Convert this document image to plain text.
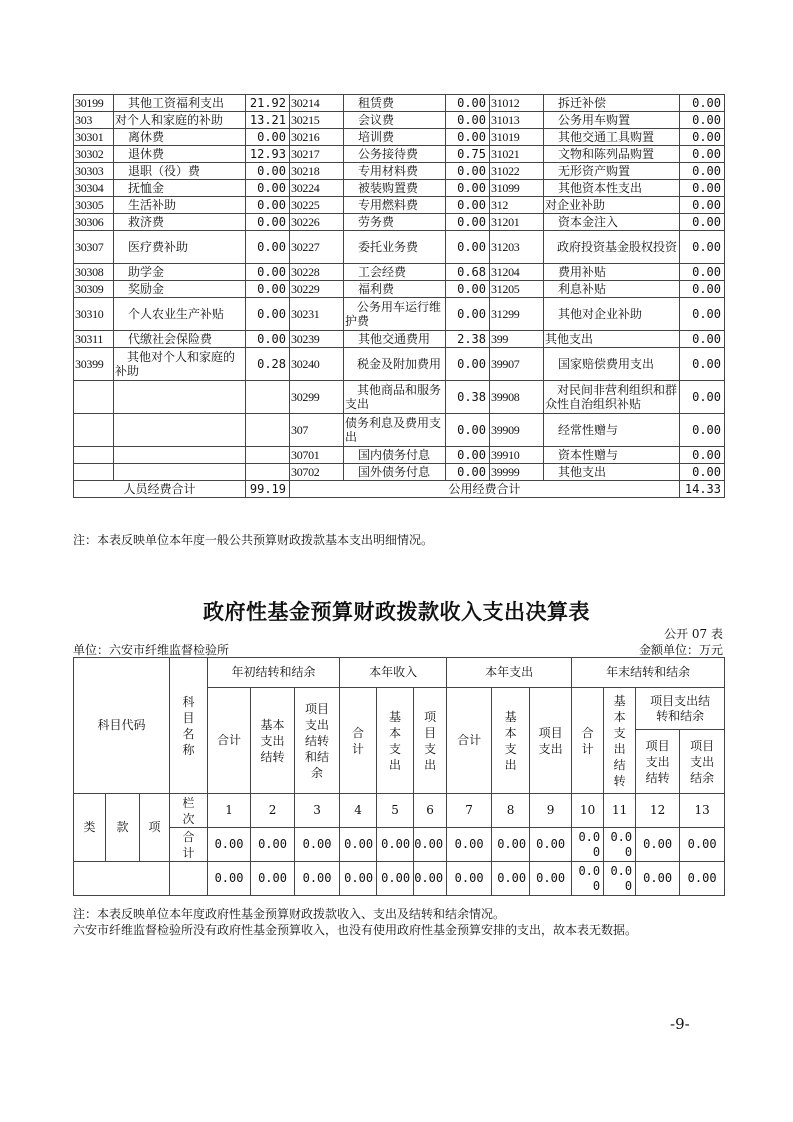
30199	其他工资福利支出	21.92	30214	租赁费	0.00	31012	拆迁补偿	0.00
303	对个人和家庭的补助	13.21	30215	会议费	0.00	31013	公务用车购置	0.00
30301	离休费	0.00	30216	培训费	0.00	31019	其他交通工具购置	0.00
30302	退休费	12.93	30217	公务接待费	0.75	31021	文物和陈列品购置	0.00
30303	退职（役）费	0.00	30218	专用材料费	0.00	31022	无形资产购置	0.00
30304	抚恤金	0.00	30224	被装购置费	0.00	31099	其他资本性支出	0.00
30305	生活补助	0.00	30225	专用燃料费	0.00	312	对企业补助	0.00
30306	救济费	0.00	30226	劳务费	0.00	31201	资本金注入	0.00
30307	医疗费补助	0.00	30227	委托业务费	0.00	31203	政府投资基金股权投资	0.00
30308	助学金	0.00	30228	工会经费	0.68	31204	费用补贴	0.00
30309	奖励金	0.00	30229	福利费	0.00	31205	利息补贴	0.00
30310	个人农业生产补贴	0.00	30231	公务用车运行维护费	0.00	31299	其他对企业补助	0.00
30311	代缴社会保险费	0.00	30239	其他交通费用	2.38	399	其他支出	0.00
30399	其他对个人和家庭的补助	0.28	30240	税金及附加费用	0.00	39907	国家赔偿费用支出	0.00
			30299	其他商品和服务支出	0.38	39908	对民间非营利组织和群众性自治组织补贴	0.00
			307	债务利息及费用支出	0.00	39909	经常性赠与	0.00
			30701	国内债务付息	0.00	39910	资本性赠与	0.00
			30702	国外债务付息	0.00	39999	其他支出	0.00
人员经费合计		99.19	公用经费合计					14.33
注：本表反映单位本年度一般公共预算财政拨款基本支出明细情况。
政府性基金预算财政拨款收入支出决算表
公开 07 表
单位：六安市纤维监督检验所	金额单位：万元
科目代码			科目名称	年初结转和结余			本年收入			本年支出			年末结转和结余			
				合计	基本支出结转	项目支出结转和结余	合计	基本支出	项目支出	合计	基本支出	项目支出	合计	基本支出结转	项目支出结转和结余	
															项目支出结转	项目支出结余
类	款	项	栏次	1	2	3	4	5	6	7	8	9	10	11	12	13
			合计	0.00	0.00	0.00	0.00	0.00	0.00	0.00	0.00	0.00	0.00	0.00	0.00	0.00
				0.00	0.00	0.00	0.00	0.00	0.00	0.00	0.00	0.00	0.00	0.00	0.00	0.00
注：本表反映单位本年度政府性基金预算财政拨款收入、支出及结转和结余情况。
六安市纤维监督检验所没有政府性基金预算收入，也没有使用政府性基金预算安排的支出，故本表无数据。
-9-
